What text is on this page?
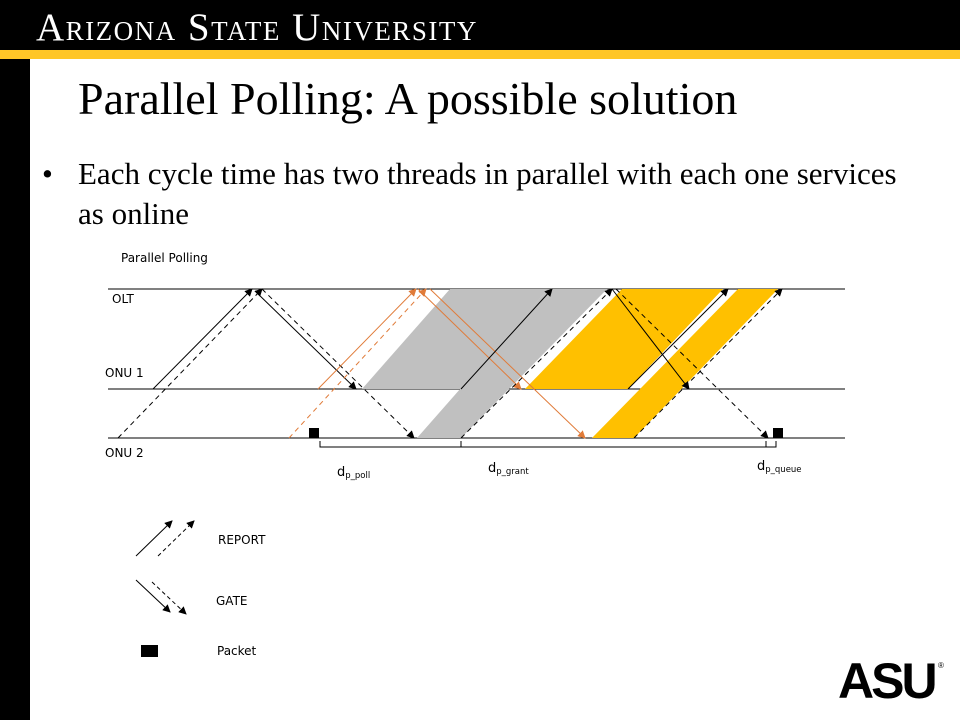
Arizona State University
Parallel Polling: A possible solution
• Each cycle time has two threads in parallel with each one services as online
Parallel Polling
OLT
ONU 1
ONU 2
dp_poll	dp_grant	dp_queue
REPORT
GATE
Packet
ASU ®
